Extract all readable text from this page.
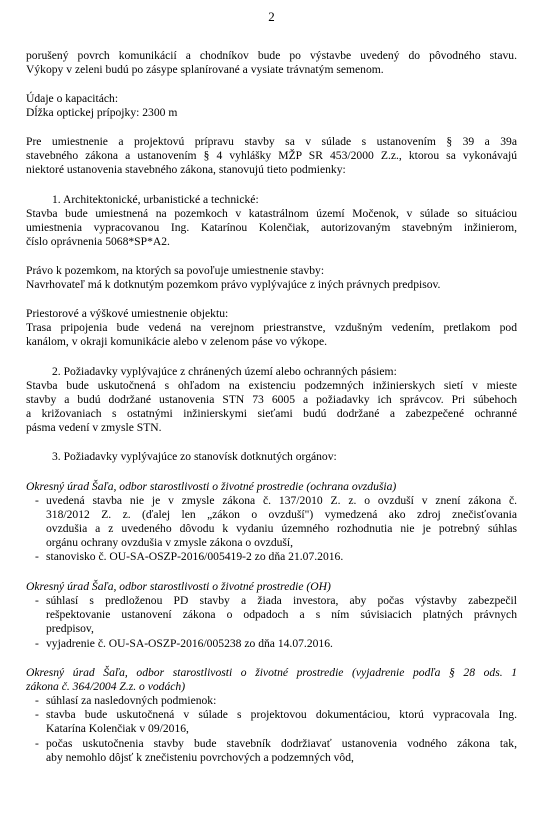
2
porušený povrch komunikácií a chodníkov bude po výstavbe uvedený do pôvodného stavu.
Výkopy v zeleni budú po zásype splanírované a vysiate trávnatým semenom.
Údaje o kapacitách:
Dĺžka optickej prípojky: 2300 m
Pre umiestnenie a projektovú prípravu stavby sa v súlade s ustanovením § 39 a 39a
stavebného zákona a ustanovením § 4 vyhlášky MŽP SR 453/2000 Z.z., ktorou sa vykonávajú
niektoré ustanovenia stavebného zákona, stanovujú tieto podmienky:
1. Architektonické, urbanistické a technické:
Stavba bude umiestnená na pozemkoch v katastrálnom území Močenok, v súlade so situáciou
umiestnenia vypracovanou Ing. Katarínou Kolenčiak, autorizovaným stavebným inžinierom,
číslo oprávnenia 5068*SP*A2.
Právo k pozemkom, na ktorých sa povoľuje umiestnenie stavby:
Navrhovateľ má k dotknutým pozemkom právo vyplývajúce z iných právnych predpisov.
Priestorové a výškové umiestnenie objektu:
Trasa pripojenia bude vedená na verejnom priestranstve, vzdušným vedením, pretlakom pod
kanálom, v okraji komunikácie alebo v zelenom páse vo výkope.
2. Požiadavky vyplývajúce z chránených území alebo ochranných pásiem:
Stavba bude uskutočnená s ohľadom na existenciu podzemných inžinierskych sietí v mieste
stavby a budú dodržané ustanovenia STN 73 6005 a požiadavky ich správcov. Pri súbehoch
a križovaniach s ostatnými inžinierskymi sieťami budú dodržané a zabezpečené ochranné
pásma vedení v zmysle STN.
3. Požiadavky vyplývajúce zo stanovísk dotknutých orgánov:
Okresný úrad Šaľa, odbor starostlivosti o životné prostredie (ochrana ovzdušia)
- uvedená stavba nie je v zmysle zákona č. 137/2010 Z. z. o ovzduší v znení zákona č.
318/2012 Z. z. (ďalej len „zákon o ovzduší") vymedzená ako zdroj znečisťovania
ovzdušia a z uvedeného dôvodu k vydaniu územného rozhodnutia nie je potrebný súhlas
orgánu ochrany ovzdušia v zmysle zákona o ovzduší,
- stanovisko č. OU-SA-OSZP-2016/005419-2 zo dňa 21.07.2016.
Okresný úrad Šaľa, odbor starostlivosti o životné prostredie (OH)
- súhlasí s predloženou PD stavby a žiada investora, aby počas výstavby zabezpečil
rešpektovanie ustanovení zákona o odpadoch a s ním súvisiacich platných právnych
predpisov,
- vyjadrenie č. OU-SA-OSZP-2016/005238 zo dňa 14.07.2016.
Okresný úrad Šaľa, odbor starostlivosti o životné prostredie (vyjadrenie podľa § 28 ods. 1
zákona č. 364/2004 Z.z. o vodách)
- súhlasí za nasledovných podmienok:
- stavba bude uskutočnená v súlade s projektovou dokumentáciou, ktorú vypracovala Ing.
Katarína Kolenčiak v 09/2016,
- počas uskutočnenia stavby bude stavebník dodržiavať ustanovenia vodného zákona tak,
aby nemohlo dôjsť k znečisteniu povrchových a podzemných vôd,
